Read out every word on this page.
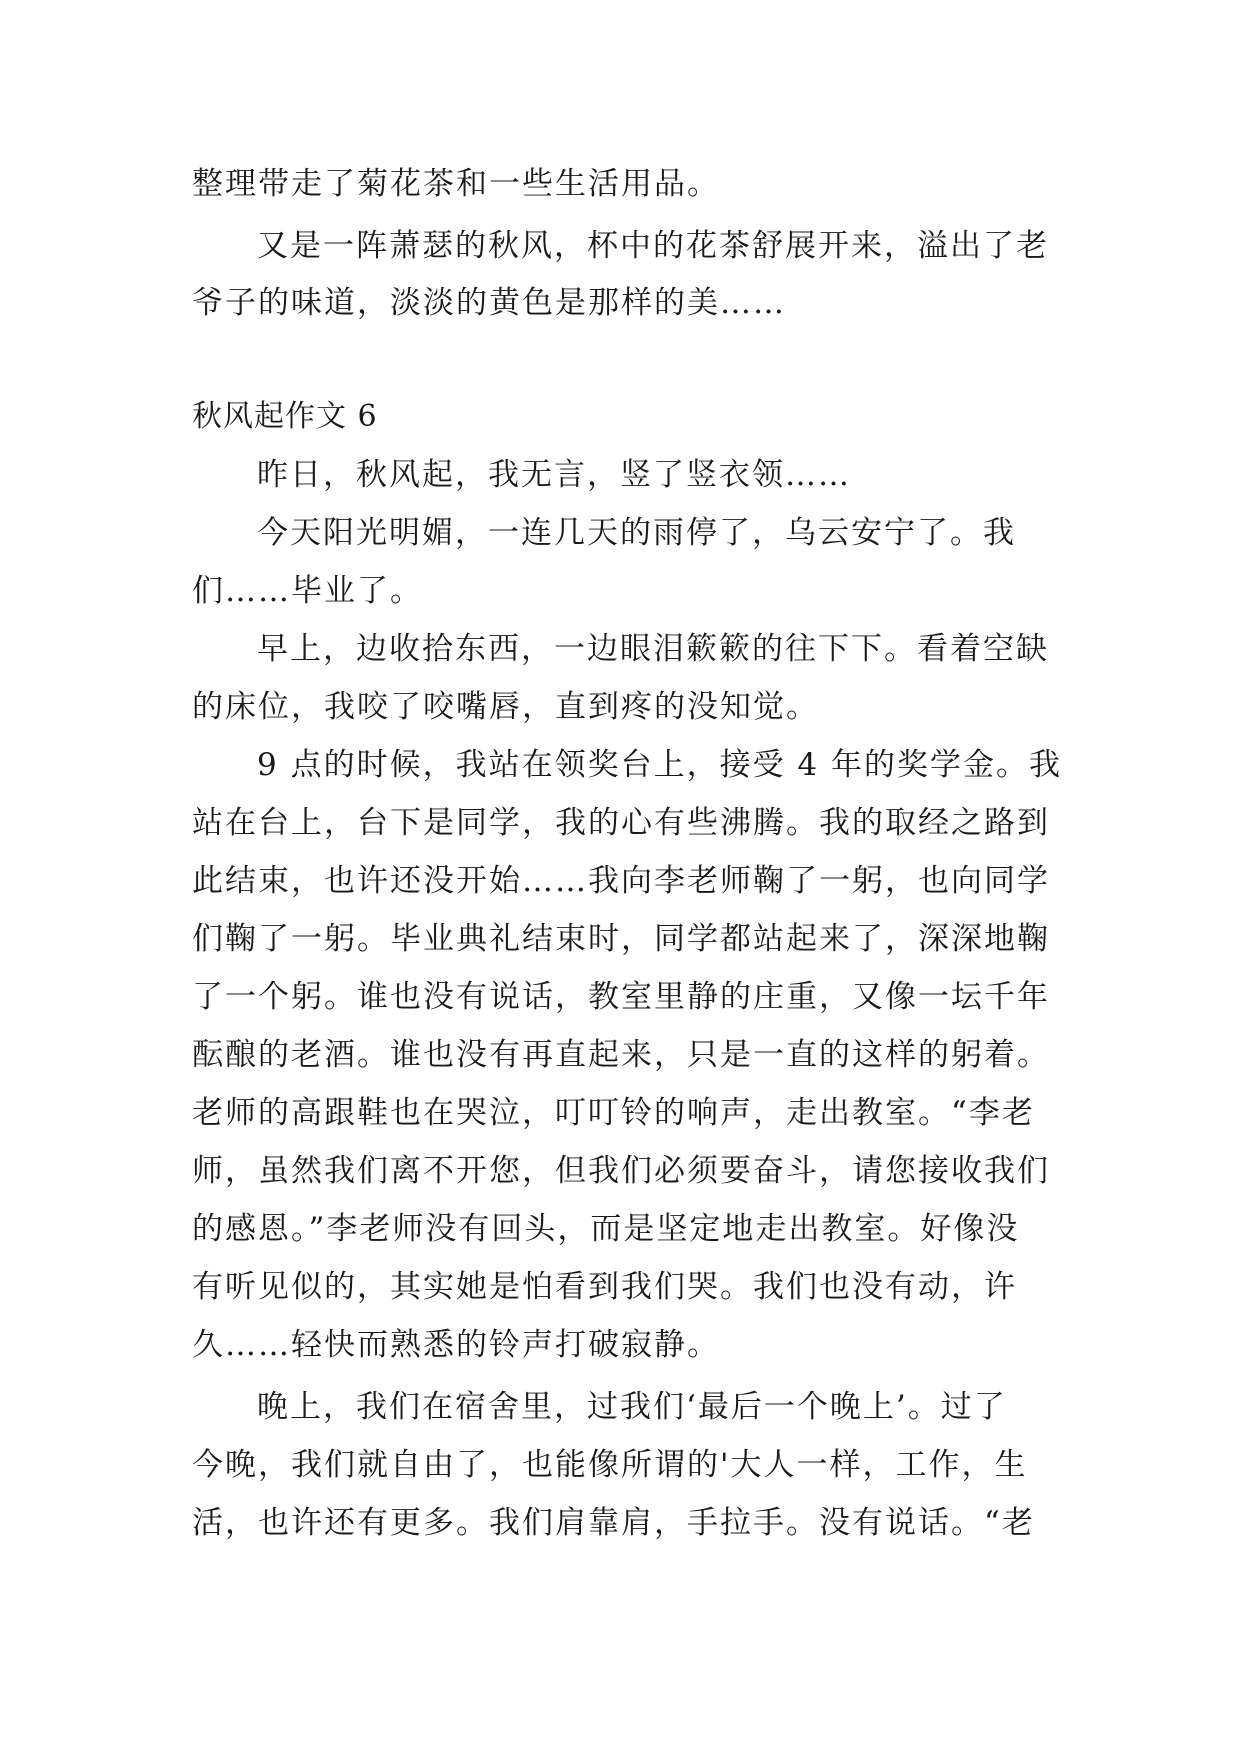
整理带走了菊花茶和一些生活用品。
又是一阵萧瑟的秋风，杯中的花茶舒展开来，溢出了老
爷子的味道，淡淡的黄色是那样的美……
秋风起作文 6
昨日，秋风起，我无言，竖了竖衣领……
今天阳光明媚，一连几天的雨停了，乌云安宁了。我
们……毕业了。
早上，边收拾东西，一边眼泪簌簌的往下下。看着空缺
的床位，我咬了咬嘴唇，直到疼的没知觉。
9 点的时候，我站在领奖台上，接受 4 年的奖学金。我
站在台上，台下是同学，我的心有些沸腾。我的取经之路到
此结束，也许还没开始……我向李老师鞠了一躬，也向同学
们鞠了一躬。毕业典礼结束时，同学都站起来了，深深地鞠
了一个躬。谁也没有说话，教室里静的庄重，又像一坛千年
酝酿的老酒。谁也没有再直起来，只是一直的这样的躬着。
老师的高跟鞋也在哭泣，叮叮铃的响声，走出教室。“李老
师，虽然我们离不开您，但我们必须要奋斗，请您接收我们
的感恩。”李老师没有回头，而是坚定地走出教室。好像没
有听见似的，其实她是怕看到我们哭。我们也没有动，许
久……轻快而熟悉的铃声打破寂静。
晚上，我们在宿舍里，过我们‘最后一个晚上’。过了
今晚，我们就自由了，也能像所谓的'大人一样，工作，生
活，也许还有更多。我们肩靠肩，手拉手。没有说话。“老
